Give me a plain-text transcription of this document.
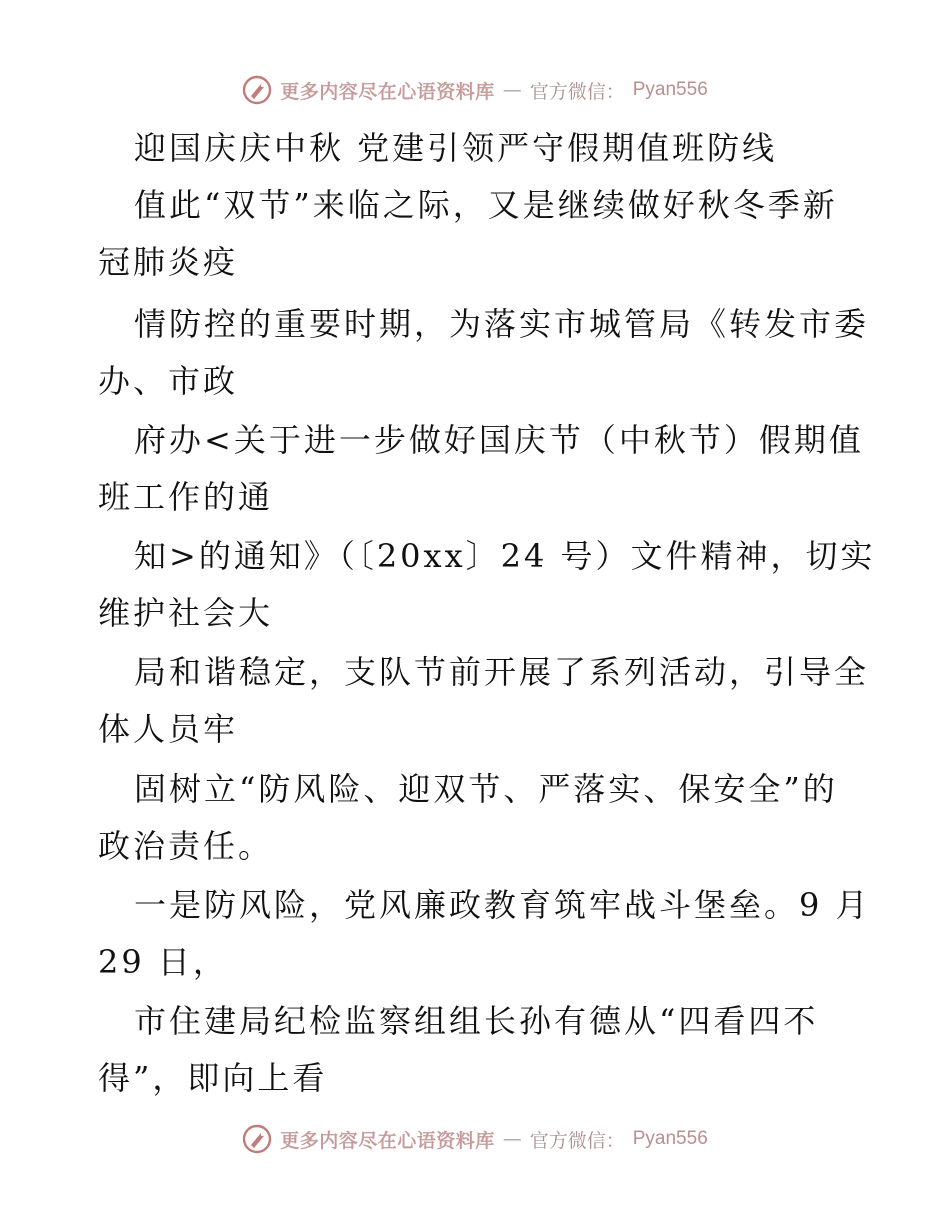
更多内容尽在心语资料库 — 官方微信： Pyan556
迎国庆庆中秋 党建引领严守假期值班防线
值此“双节”来临之际，又是继续做好秋冬季新
冠肺炎疫
情防控的重要时期，为落实市城管局《转发市委
办、市政
府办<关于进一步做好国庆节（中秋节）假期值
班工作的通
知>的通知》（〔20xx〕24 号）文件精神，切实
维护社会大
局和谐稳定，支队节前开展了系列活动，引导全
体人员牢
固树立“防风险、迎双节、严落实、保安全”的
政治责任。
一是防风险，党风廉政教育筑牢战斗堡垒。9 月
29 日，
市住建局纪检监察组组长孙有德从“四看四不
得”，即向上看
更多内容尽在心语资料库 — 官方微信： Pyan556
